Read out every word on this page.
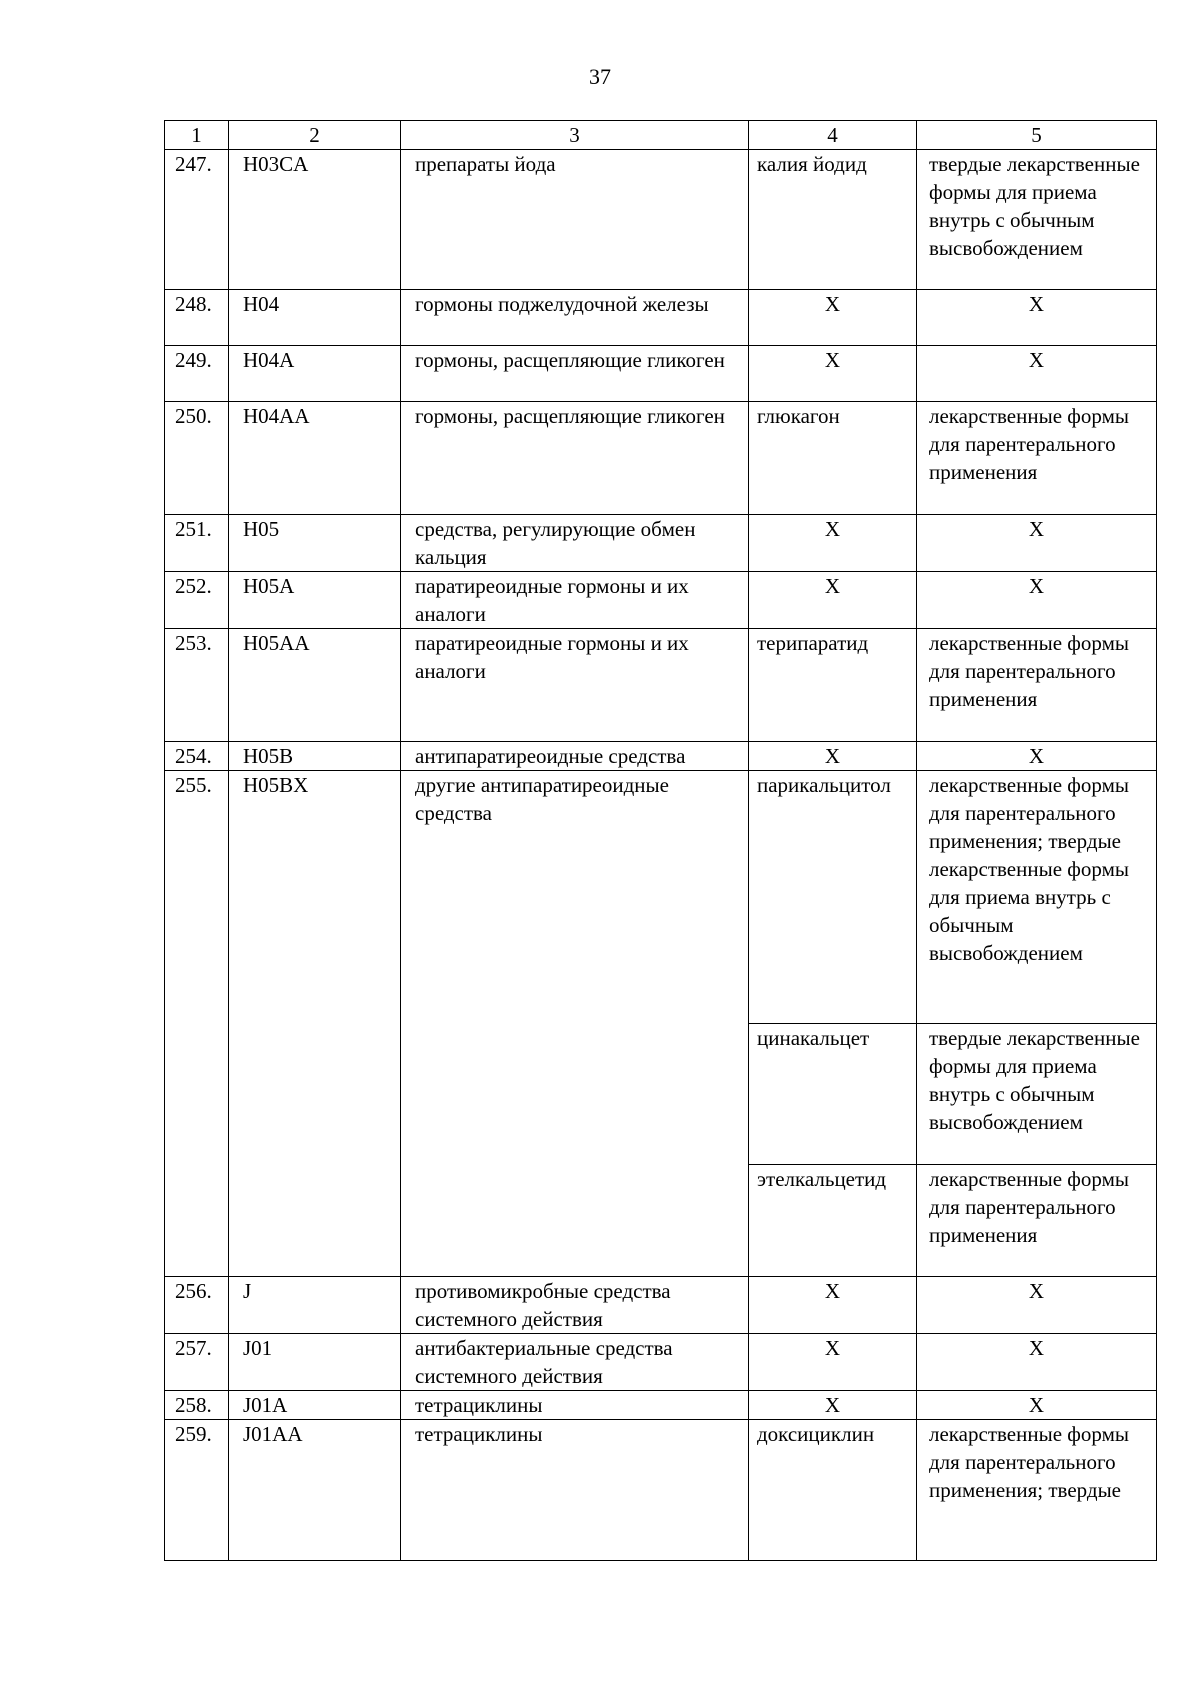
37
1	2	3	4	5
247.	H03CA	препараты йода	калия йодид	твердые лекарственные формы для приема внутрь с обычным высвобождением
248.	H04	гормоны поджелудочной железы	X	X
249.	H04A	гормоны, расщепляющие гликоген	X	X
250.	H04AA	гормоны, расщепляющие гликоген	глюкагон	лекарственные формы для парентерального применения
251.	H05	средства, регулирующие обмен кальция	X	X
252.	H05A	паратиреоидные гормоны и их аналоги	X	X
253.	H05AA	паратиреоидные гормоны и их аналоги	терипаратид	лекарственные формы для парентерального применения
254.	H05B	антипаратиреоидные средства	X	X
255.	H05BX	другие антипаратиреоидные средства	парикальцитол	лекарственные формы для парентерального применения; твердые лекарственные формы для приема внутрь с обычным высвобождением
			цинакальцет	твердые лекарственные формы для приема внутрь с обычным высвобождением
			этелкальцетид	лекарственные формы для парентерального применения
256.	J	противомикробные средства системного действия	X	X
257.	J01	антибактериальные средства системного действия	X	X
258.	J01A	тетрациклины	X	X
259.	J01AA	тетрациклины	доксициклин	лекарственные формы для парентерального применения; твердые
